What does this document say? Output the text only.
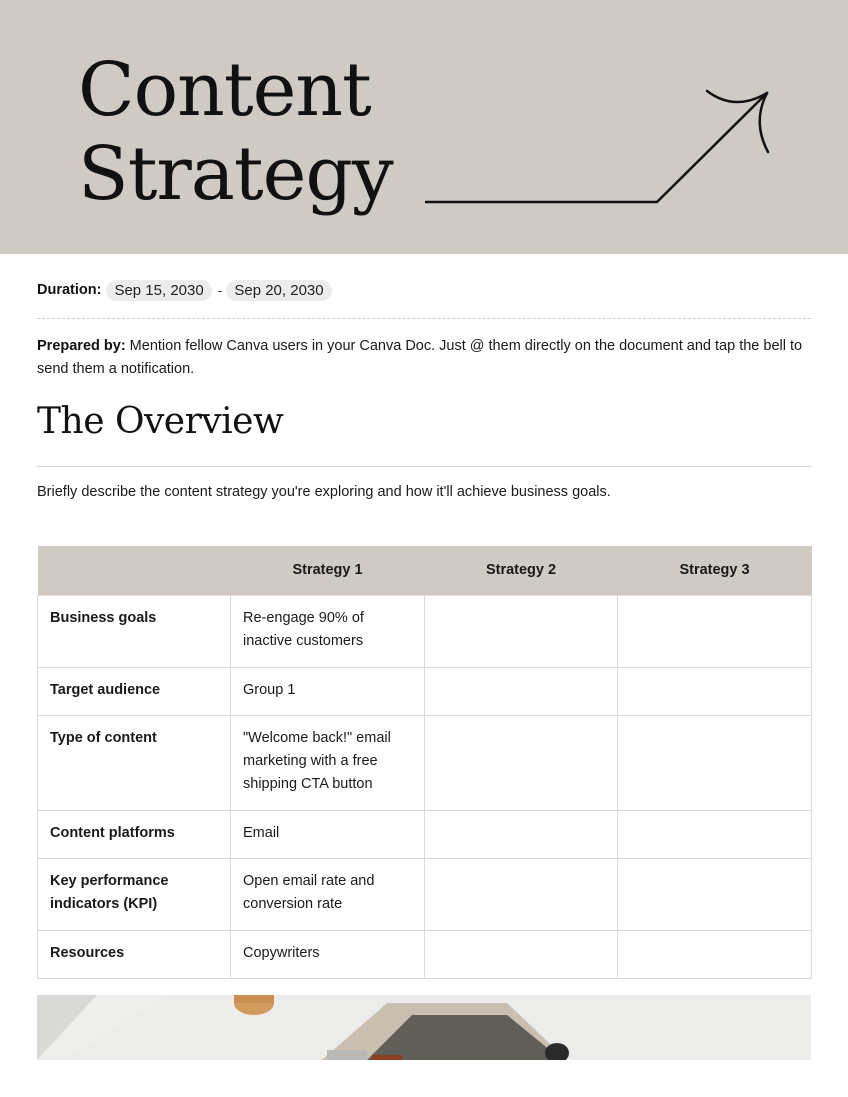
Content
Strategy
Duration: Sep 15, 2030	- Sep 20, 2030

Prepared by: Mention fellow Canva users in your Canva Doc. Just @ them directly on the document and tap the bell to send them a notification.

The Overview

Briefly describe the content strategy you're exploring and how it'll achieve business goals.

	Strategy 1	Strategy 2	Strategy 3
Business goals	Re-engage 90% of inactive customers		
Target audience	Group 1		
Type of content	"Welcome back!" email marketing with a free shipping CTA button		
Content platforms	Email		
Key performance indicators (KPI)	Open email rate and conversion rate		
Resources	Copywriters		
